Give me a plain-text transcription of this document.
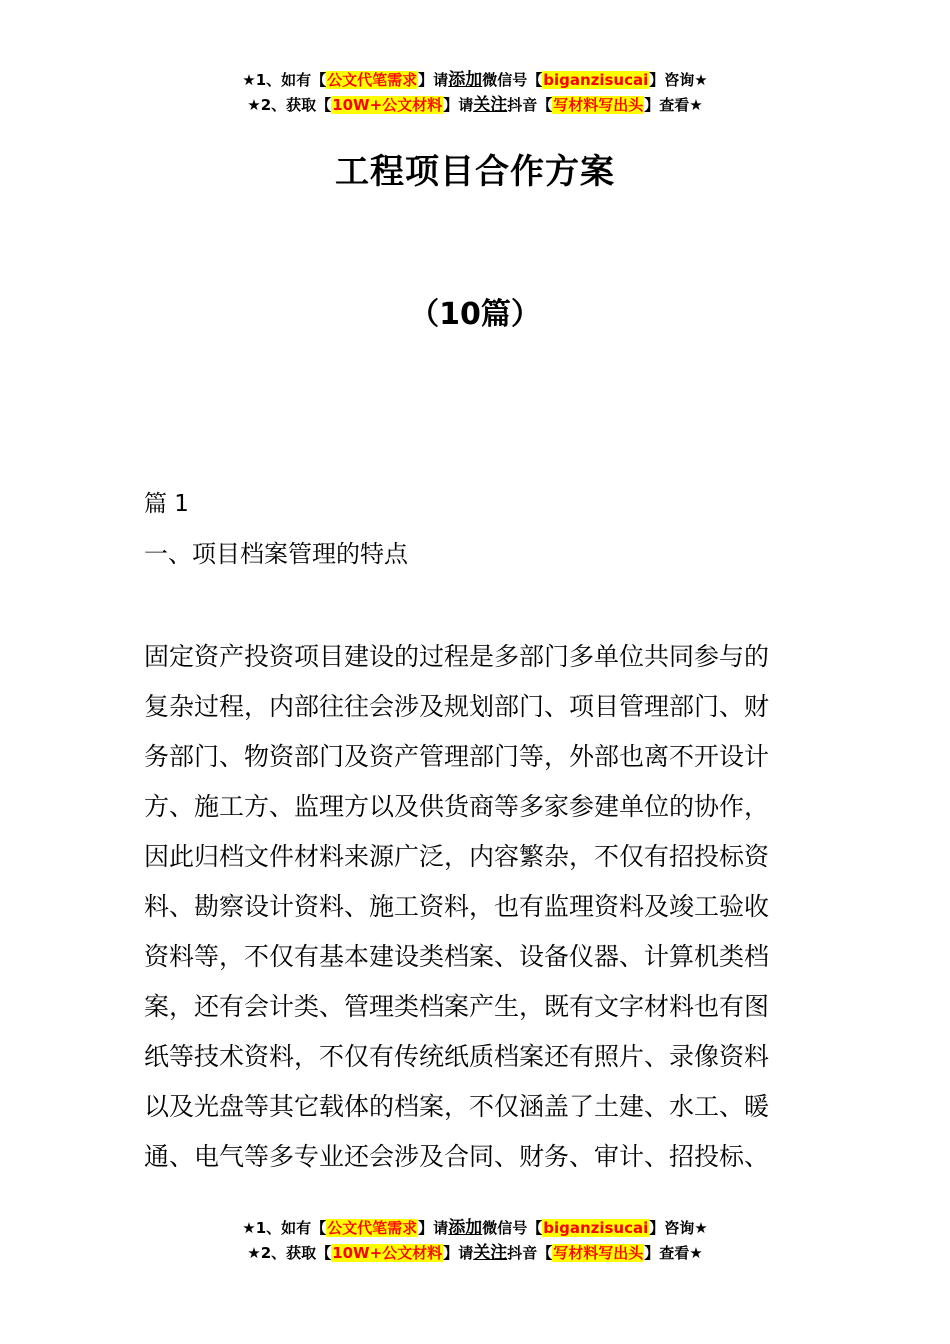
★1、如有【公文代笔需求】请添加微信号【biganzisucai】咨询★
★2、获取【10W+公文材料】请关注抖音【写材料写出头】查看★
工程项目合作方案
（10篇）
篇 1
一、项目档案管理的特点
固定资产投资项目建设的过程是多部门多单位共同参与的
复杂过程，内部往往会涉及规划部门、项目管理部门、财
务部门、物资部门及资产管理部门等，外部也离不开设计
方、施工方、监理方以及供货商等多家参建单位的协作，
因此归档文件材料来源广泛，内容繁杂，不仅有招投标资
料、勘察设计资料、施工资料，也有监理资料及竣工验收
资料等，不仅有基本建设类档案、设备仪器、计算机类档
案，还有会计类、管理类档案产生，既有文字材料也有图
纸等技术资料，不仅有传统纸质档案还有照片、录像资料
以及光盘等其它载体的档案，不仅涵盖了土建、水工、暖
通、电气等多专业还会涉及合同、财务、审计、招投标、
★1、如有【公文代笔需求】请添加微信号【biganzisucai】咨询★
★2、获取【10W+公文材料】请关注抖音【写材料写出头】查看★
